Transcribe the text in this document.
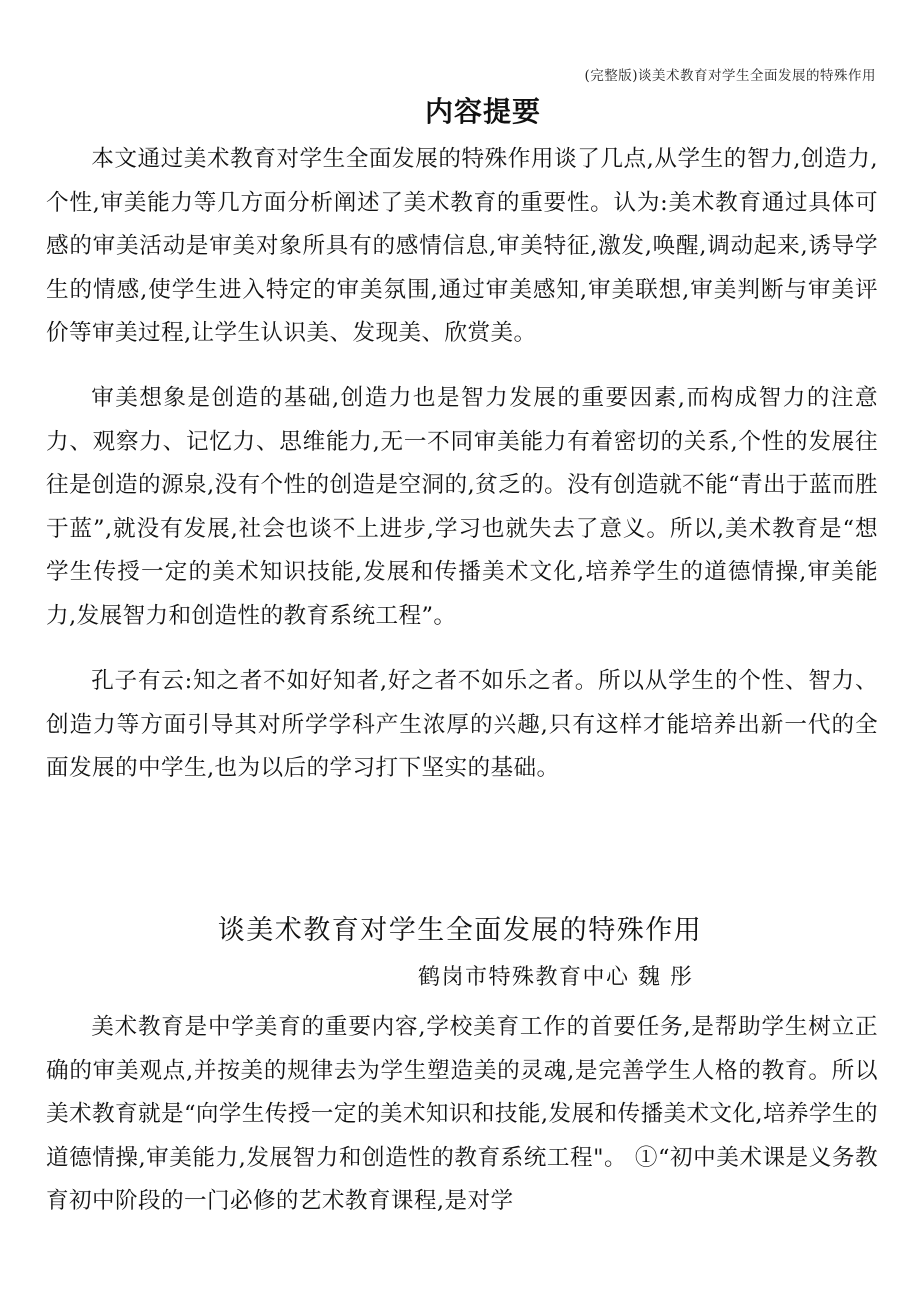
(完整版)谈美术教育对学生全面发展的特殊作用
内容提要

本文通过美术教育对学生全面发展的特殊作用谈了几点,从学生的智力,创造力,个性,审美能力等几方面分析阐述了美术教育的重要性。认为:美术教育通过具体可感的审美活动是审美对象所具有的感情信息,审美特征,激发,唤醒,调动起来,诱导学生的情感,使学生进入特定的审美氛围,通过审美感知,审美联想,审美判断与审美评价等审美过程,让学生认识美、发现美、欣赏美。

审美想象是创造的基础,创造力也是智力发展的重要因素,而构成智力的注意力、观察力、记忆力、思维能力,无一不同审美能力有着密切的关系,个性的发展往往是创造的源泉,没有个性的创造是空洞的,贫乏的。没有创造就不能“青出于蓝而胜于蓝”,就没有发展,社会也谈不上进步,学习也就失去了意义。所以,美术教育是“想学生传授一定的美术知识技能,发展和传播美术文化,培养学生的道德情操,审美能力,发展智力和创造性的教育系统工程”。

孔子有云:知之者不如好知者,好之者不如乐之者。所以从学生的个性、智力、创造力等方面引导其对所学学科产生浓厚的兴趣,只有这样才能培养出新一代的全面发展的中学生,也为以后的学习打下坚实的基础。

谈美术教育对学生全面发展的特殊作用
鹤岗市特殊教育中心 魏 彤

美术教育是中学美育的重要内容,学校美育工作的首要任务,是帮助学生树立正确的审美观点,并按美的规律去为学生塑造美的灵魂,是完善学生人格的教育。所以美术教育就是“向学生传授一定的美术知识和技能,发展和传播美术文化,培养学生的道德情操,审美能力,发展智力和创造性的教育系统工程"。 ①“初中美术课是义务教育初中阶段的一门必修的艺术教育课程,是对学
